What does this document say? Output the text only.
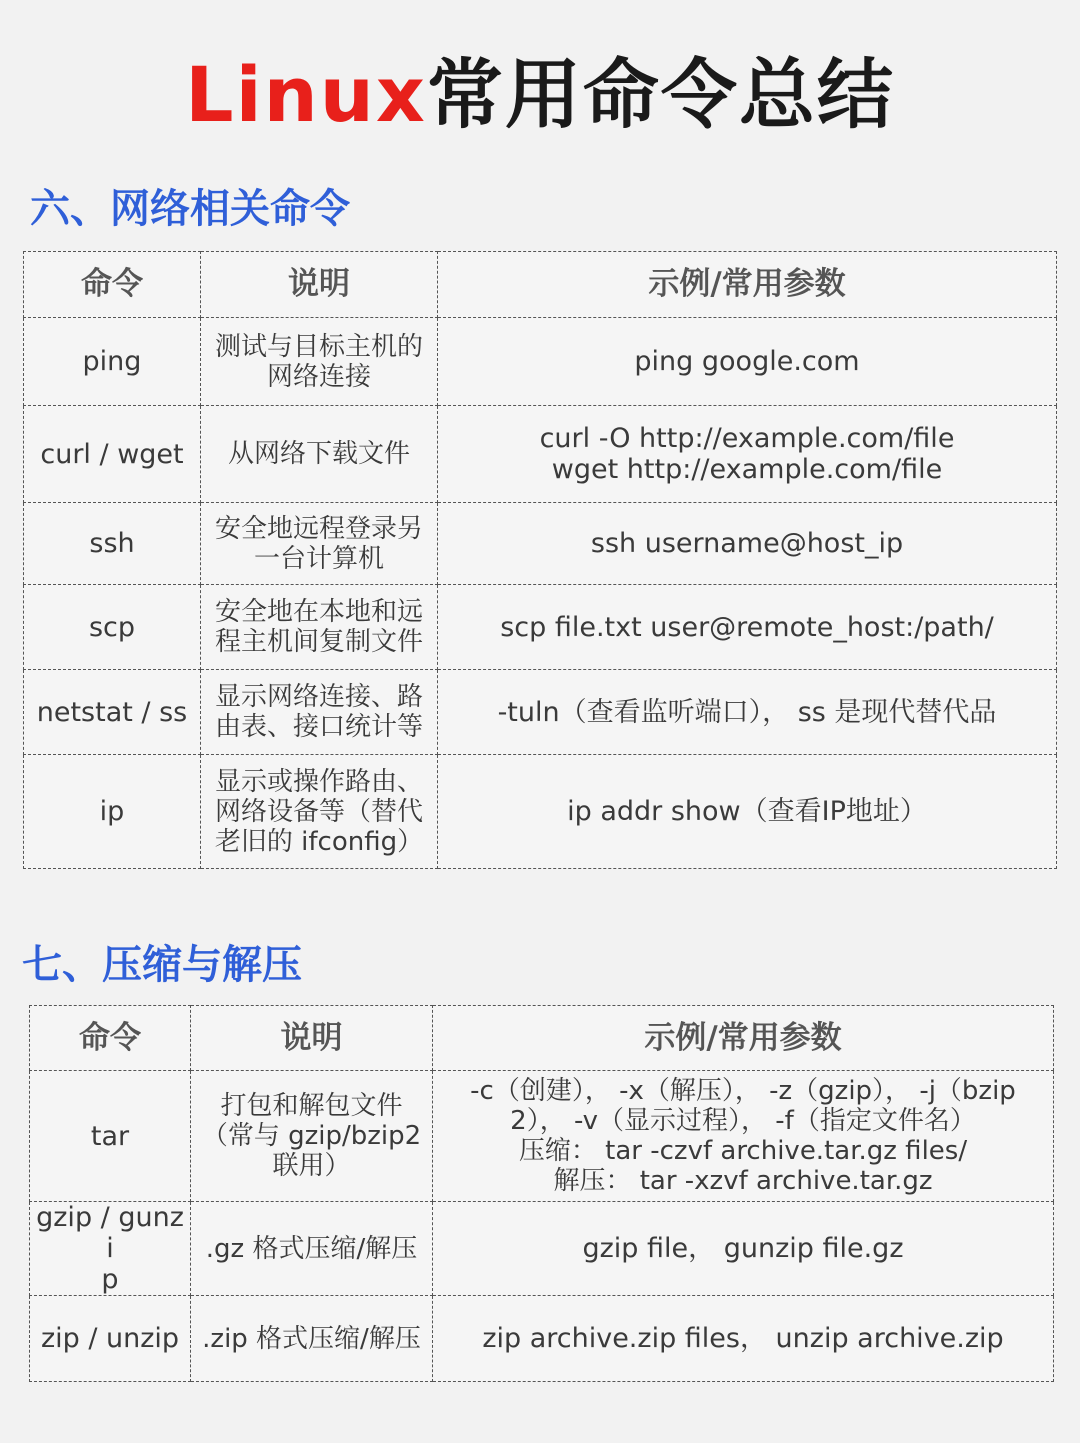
Linux常用命令总结
六、网络相关命令
命令	说明	示例/常用参数
ping	测试与目标主机的
网络连接	ping google.com

curl / wget	从网络下载文件	curl -O http://example.com/file
wget http://example.com/file

ssh	安全地远程登录另
一台计算机	ssh username@host_ip

scp	安全地在本地和远
程主机间复制文件	scp file.txt user@remote_host:/path/

netstat / ss	显示网络连接、路
由表、接口统计等	-tuln（查看监听端口）， ss 是现代替代品

ip	显示或操作路由、
网络设备等（替代
老旧的 ifconfig）	ip addr show（查看IP地址）
七、压缩与解压
命令	说明	示例/常用参数

tar	打包和解包文件
（常与 gzip/bzip2
联用）	-c（创建）， -x（解压）， -z（gzip）， -j（bzip
2）， -v（显示过程）， -f（指定文件名）
压缩： tar -czvf archive.tar.gz files/
解压： tar -xzvf archive.tar.gz

gzip / gunzi
p	.gz 格式压缩/解压	gzip file， gunzip file.gz

zip / unzip	.zip 格式压缩/解压	zip archive.zip files， unzip archive.zip
